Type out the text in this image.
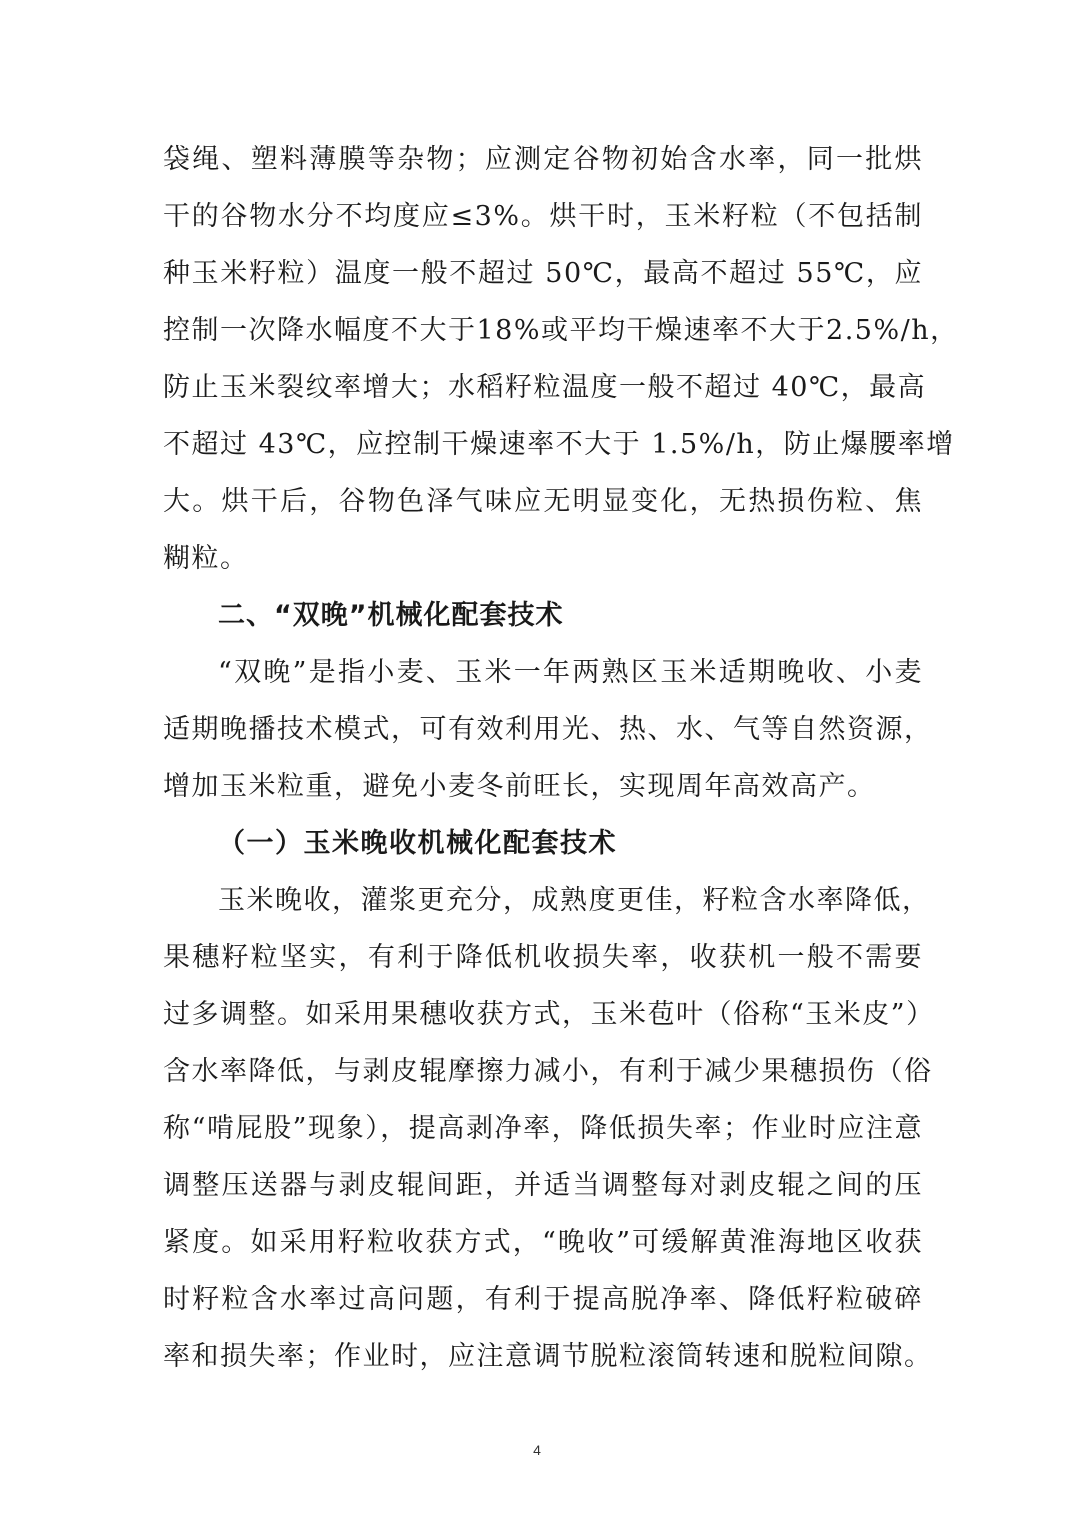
袋绳、塑料薄膜等杂物；应测定谷物初始含水率，同一批烘
干的谷物水分不均度应≤3%。烘干时，玉米籽粒（不包括制
种玉米籽粒）温度一般不超过 50℃，最高不超过 55℃，应
控制一次降水幅度不大于18%或平均干燥速率不大于2.5%/h，
防止玉米裂纹率增大；水稻籽粒温度一般不超过 40℃，最高
不超过 43℃，应控制干燥速率不大于 1.5%/h，防止爆腰率增
大。烘干后，谷物色泽气味应无明显变化，无热损伤粒、焦
糊粒。
二、“双晚”机械化配套技术
“双晚”是指小麦、玉米一年两熟区玉米适期晚收、小麦
适期晚播技术模式，可有效利用光、热、水、气等自然资源，
增加玉米粒重，避免小麦冬前旺长，实现周年高效高产。
（一）玉米晚收机械化配套技术
玉米晚收，灌浆更充分，成熟度更佳，籽粒含水率降低，
果穗籽粒坚实，有利于降低机收损失率，收获机一般不需要
过多调整。如采用果穗收获方式，玉米苞叶（俗称“玉米皮”）
含水率降低，与剥皮辊摩擦力减小，有利于减少果穗损伤（俗
称“啃屁股”现象），提高剥净率，降低损失率；作业时应注意
调整压送器与剥皮辊间距，并适当调整每对剥皮辊之间的压
紧度。如采用籽粒收获方式，“晚收”可缓解黄淮海地区收获
时籽粒含水率过高问题，有利于提高脱净率、降低籽粒破碎
率和损失率；作业时，应注意调节脱粒滚筒转速和脱粒间隙。
4
